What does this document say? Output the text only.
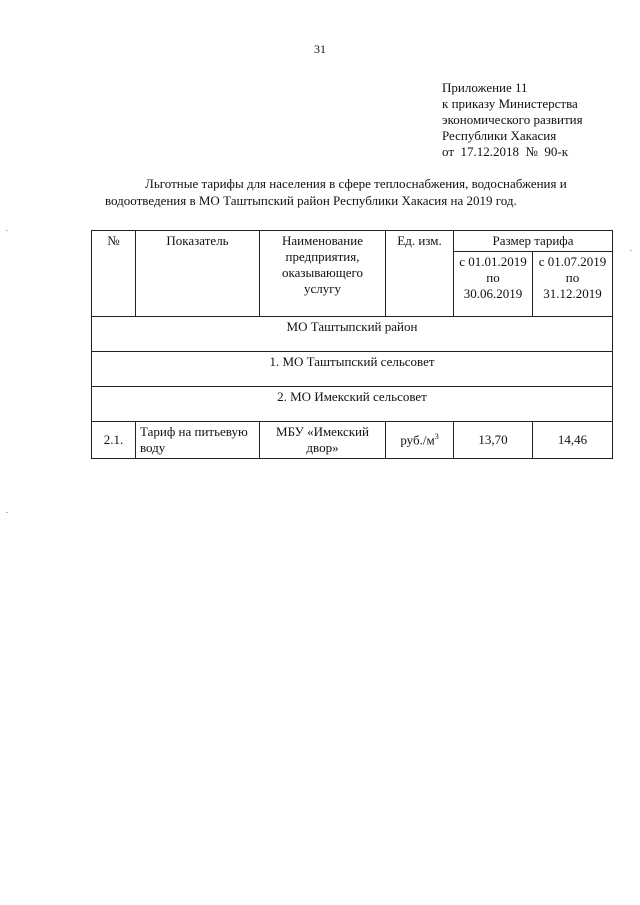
31
Приложение 11
к приказу Министерства
экономического развития
Республики Хакасия
от  17.12.2018  №  90-к
Льготные тарифы для населения в сфере теплоснабжения, водоснабжения и водоотведения в МО Таштыпский район Республики Хакасия на 2019 год.
№	Показатель	Наименование предприятия, оказывающего услугу	Ед. изм.	Размер тарифа	
				с 01.01.2019 по 30.06.2019	с 01.07.2019 по 31.12.2019
МО Таштыпский район					
1. МО Таштыпский сельсовет					
2. МО Имекский сельсовет					
2.1.	Тариф на питьевую воду	МБУ «Имекский двор»	$руб./м^3$	13,70	14,46
